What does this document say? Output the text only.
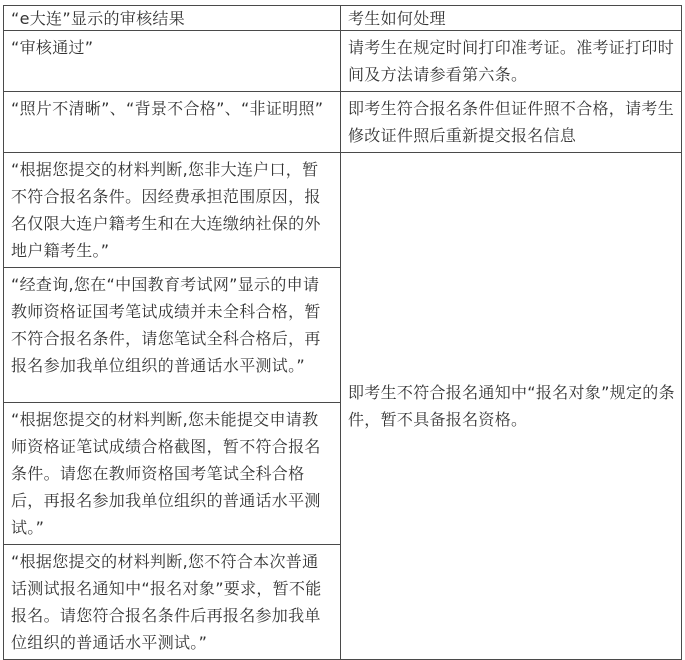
“e大连”显示的审核结果	考生如何处理
“审核通过”	请考生在规定时间打印准考证。准考证打印时间及方法请参看第六条。
“照片不清晰”、“背景不合格”、“非证明照”	即考生符合报名条件但证件照不合格，请考生修改证件照后重新提交报名信息
“根据您提交的材料判断,您非大连户口，暂不符合报名条件。因经费承担范围原因，报名仅限大连户籍考生和在大连缴纳社保的外地户籍考生。”	即考生不符合报名通知中“报名对象”规定的条件，暂不具备报名资格。
“经查询,您在“中国教育考试网”显示的申请教师资格证国考笔试成绩并未全科合格，暂不符合报名条件，请您笔试全科合格后，再报名参加我单位组织的普通话水平测试。”	
“根据您提交的材料判断,您未能提交申请教师资格证笔试成绩合格截图，暂不符合报名条件。请您在教师资格国考笔试全科合格后，再报名参加我单位组织的普通话水平测试。”	
“根据您提交的材料判断,您不符合本次普通话测试报名通知中“报名对象”要求，暂不能报名。请您符合报名条件后再报名参加我单位组织的普通话水平测试。”	
